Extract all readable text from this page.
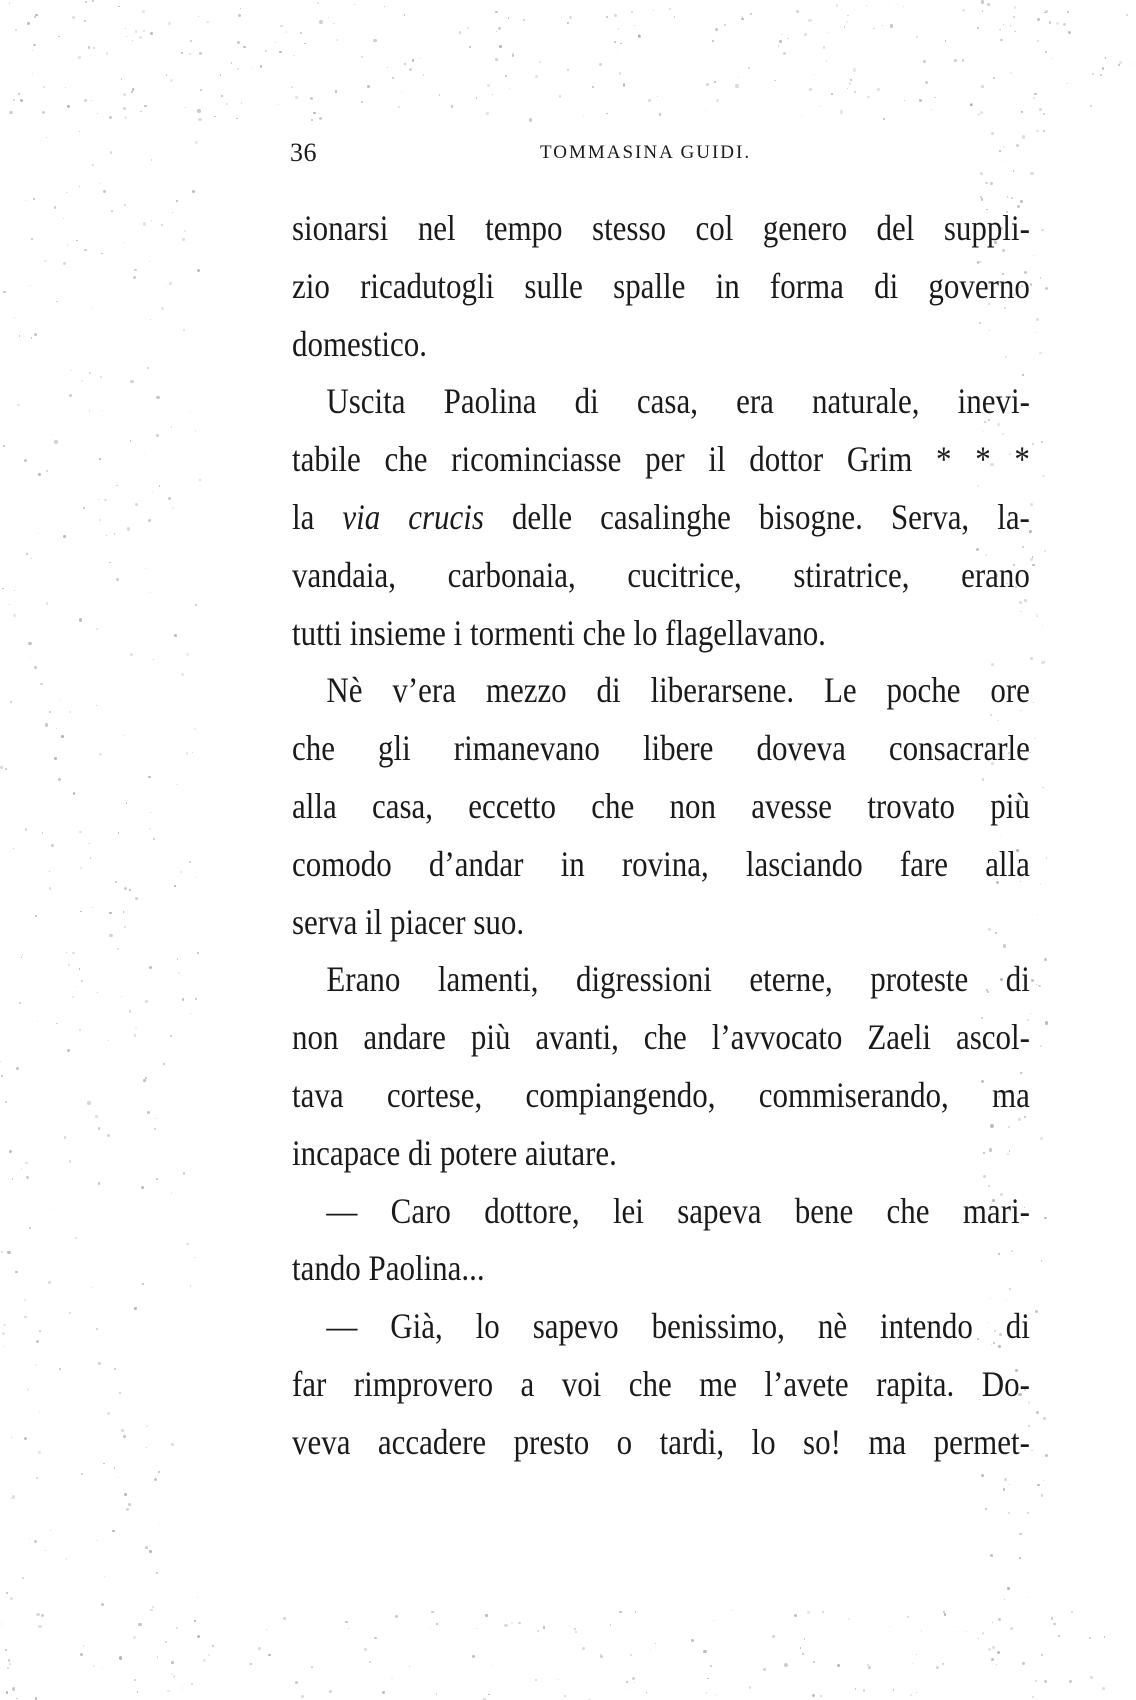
36	TOMMASINA GUIDI.
sionarsi nel tempo stesso col genero del suppli-
zio ricadutogli sulle spalle in forma di governo
domestico.
Uscita Paolina di casa, era naturale, inevi-
tabile che ricominciasse per il dottor Grim * * *
la via crucis delle casalinghe bisogne. Serva, la-
vandaia, carbonaia, cucitrice, stiratrice, erano
tutti insieme i tormenti che lo flagellavano.
Nè v’era mezzo di liberarsene. Le poche ore
che gli rimanevano libere doveva consacrarle
alla casa, eccetto che non avesse trovato più
comodo d’andar in rovina, lasciando fare alla
serva il piacer suo.
Erano lamenti, digressioni eterne, proteste di
non andare più avanti, che l’avvocato Zaeli ascol-
tava cortese, compiangendo, commiserando, ma
incapace di potere aiutare.
— Caro dottore, lei sapeva bene che mari-
tando Paolina...
— Già, lo sapevo benissimo, nè intendo di
far rimprovero a voi che me l’avete rapita. Do-
veva accadere presto o tardi, lo so! ma permet-
